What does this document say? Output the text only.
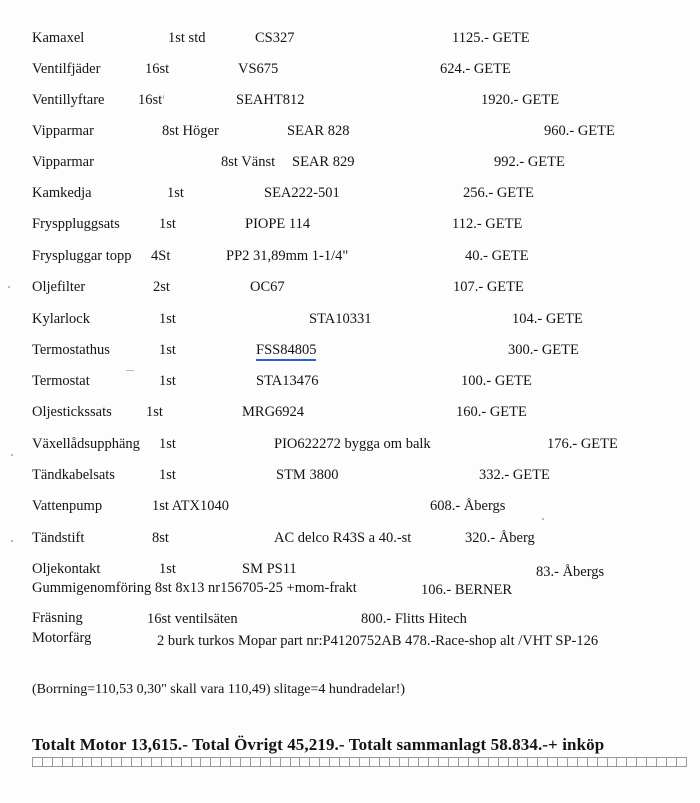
Kamaxel	1st std	CS327	1125.- GETE
Ventilfjäder	16st	VS675	624.- GETE
Ventillyftare 16st	SEAHT812	1920.- GETE
Vipparmar	8st Höger	SEAR 828	960.- GETE
Vipparmar	8st Vänst SEAR 829	992.- GETE
Kamkedja	1st	SEA222-501	256.- GETE
Frysppluggsats	1st	PIOPE 114	112.- GETE
Fryspluggar topp 4St	PP2 31,89mm 1-1/4"	40.- GETE
Oljefilter	2st	OC67	107.- GETE
Kylarlock	1st	STA10331	104.- GETE
Termostathus	1st	FSS84805	300.- GETE
Termostat	1st	STA13476	100.- GETE
Oljestickssats 1st	MRG6924	160.- GETE
Växellådsupphäng 1st	PIO622272 bygga om balk	176.- GETE
Tändkabelsats	1st	STM 3800	332.- GETE
Vattenpump	1st ATX1040	608.- Åbergs
Tändstift	8st	AC delco R43S a 40.-st	320.- Åberg
Oljekontakt	1st	SM PS11	83.- Åbergs
Gummigenomföring 8st 8x13 nr156705-25 +mom-frakt	106.- BERNER
Fräsning	16st ventilsäten	800.- Flitts Hitech
Motorfärg	2 burk turkos Mopar part nr:P4120752AB 478.-Race-shop alt /VHT SP-126
(Borrning=110,53 0,30" skall vara 110,49) slitage=4 hundradelar!)
Totalt Motor 13,615.- Total Övrigt 45,219.- Totalt sammanlagt 58.834.-+ inköp
